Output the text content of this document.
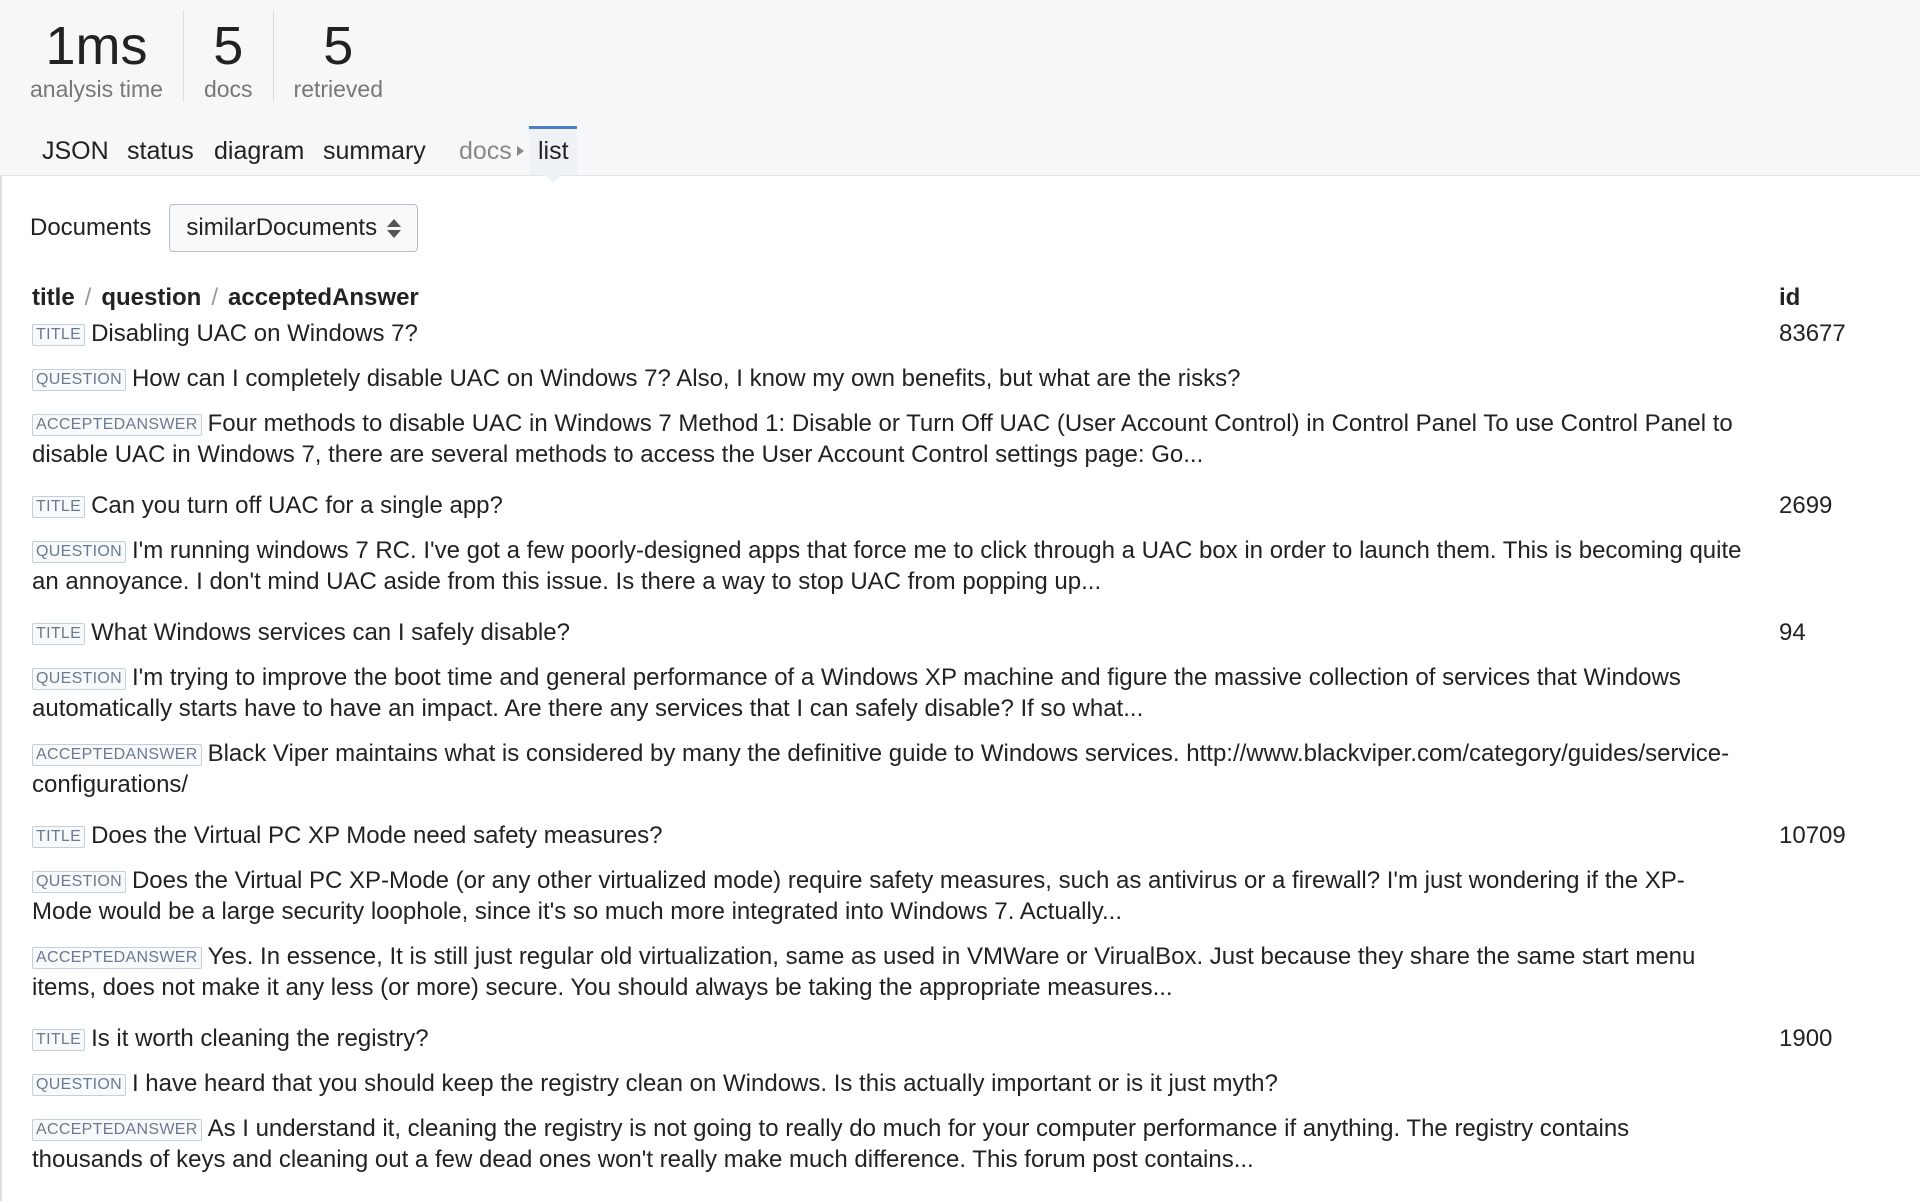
1ms
analysis time
5
docs
5
retrieved
JSON status diagram summary docs list
Documents similarDocuments
title / question / acceptedAnswer	id
TITLE Disabling UAC on Windows 7?
QUESTION How can I completely disable UAC on Windows 7? Also, I know my own benefits, but what are the risks?
ACCEPTEDANSWER Four methods to disable UAC in Windows 7 Method 1: Disable or Turn Off UAC (User Account Control) in Control Panel To use Control Panel to disable UAC in Windows 7, there are several methods to access the User Account Control settings page: Go...
83677
TITLE Can you turn off UAC for a single app?
QUESTION I'm running windows 7 RC. I've got a few poorly-designed apps that force me to click through a UAC box in order to launch them. This is becoming quite an annoyance. I don't mind UAC aside from this issue. Is there a way to stop UAC from popping up...
2699
TITLE What Windows services can I safely disable?
QUESTION I'm trying to improve the boot time and general performance of a Windows XP machine and figure the massive collection of services that Windows automatically starts have to have an impact. Are there any services that I can safely disable? If so what...
ACCEPTEDANSWER Black Viper maintains what is considered by many the definitive guide to Windows services. http://www.blackviper.com/category/guides/service-configurations/
94
TITLE Does the Virtual PC XP Mode need safety measures?
QUESTION Does the Virtual PC XP-Mode (or any other virtualized mode) require safety measures, such as antivirus or a firewall? I'm just wondering if the XP-Mode would be a large security loophole, since it's so much more integrated into Windows 7. Actually...
ACCEPTEDANSWER Yes. In essence, It is still just regular old virtualization, same as used in VMWare or VirualBox. Just because they share the same start menu items, does not make it any less (or more) secure. You should always be taking the appropriate measures...
10709
TITLE Is it worth cleaning the registry?
QUESTION I have heard that you should keep the registry clean on Windows. Is this actually important or is it just myth?
ACCEPTEDANSWER As I understand it, cleaning the registry is not going to really do much for your computer performance if anything. The registry contains thousands of keys and cleaning out a few dead ones won't really make much difference. This forum post contains...
1900
